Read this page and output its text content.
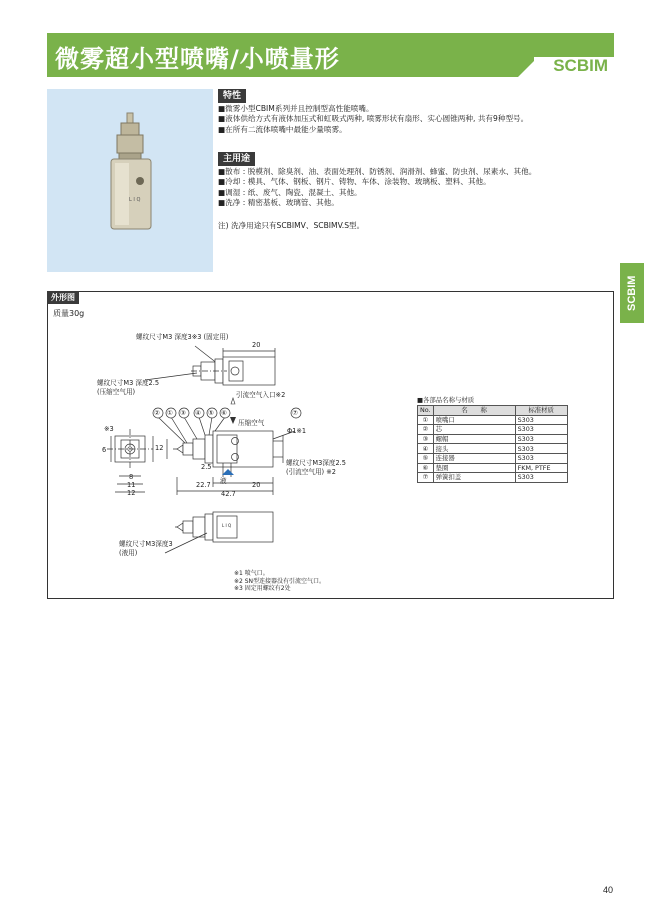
微雾超小型喷嘴/小喷量形	SCBIM
L I Q
特性
■微雾小型CBⅠM系列并且控制型高性能喷嘴。
■液体供给方式有液体加压式和虹吸式两种, 喷雾形状有扇形、实心圆锥两种, 共有9种型号。
■在所有二流体喷嘴中最能少量喷雾。
主用途
■散布 : 脱模剂、除臭剂、油、表面处理剂、防锈剂、润滑剂、蜂蜜、防虫剂、尿素水、其他。
■冷却 : 模具、气体、钢板、钢片、铸物、车体、涂装物、玻璃板、塑料、其他。
■调湿 : 纸、废气、陶瓷、混凝土、其他。
■洗净 : 精密基板、玻璃管、其他。
注) 洗净用途只有SCBⅠMV、SCBⅠMV.S型。
SCBIM
外形图
质量30g
螺纹尺寸M3 深度3※3 (固定用)
20
螺纹尺寸M3 深度2.5
(压缩空气用)	引流空气入口※2
压缩空气
Φ1※1
※3
6	12
2.5
液
螺纹尺寸M3深度2.5
(引流空气用) ※2
8
11
12
22.7	20
42.7
螺纹尺寸M3深度3
(液用)
L I Q
② ① ③ ④ ⑤ ⑥	⑦
■各部品名称与材质
No.	名　　称	标准材质
①	喷嘴口	S303
②	芯	S303
③	螺帽	S303
④	接头	S303
⑤	连接器	S303
⑥	垫圈	FKM, PTFE
⑦	弹簧扣盖	S303
※1 喷气口。
※2 SN型连接器没有引流空气口。
※3 固定用螺纹有2处
40
